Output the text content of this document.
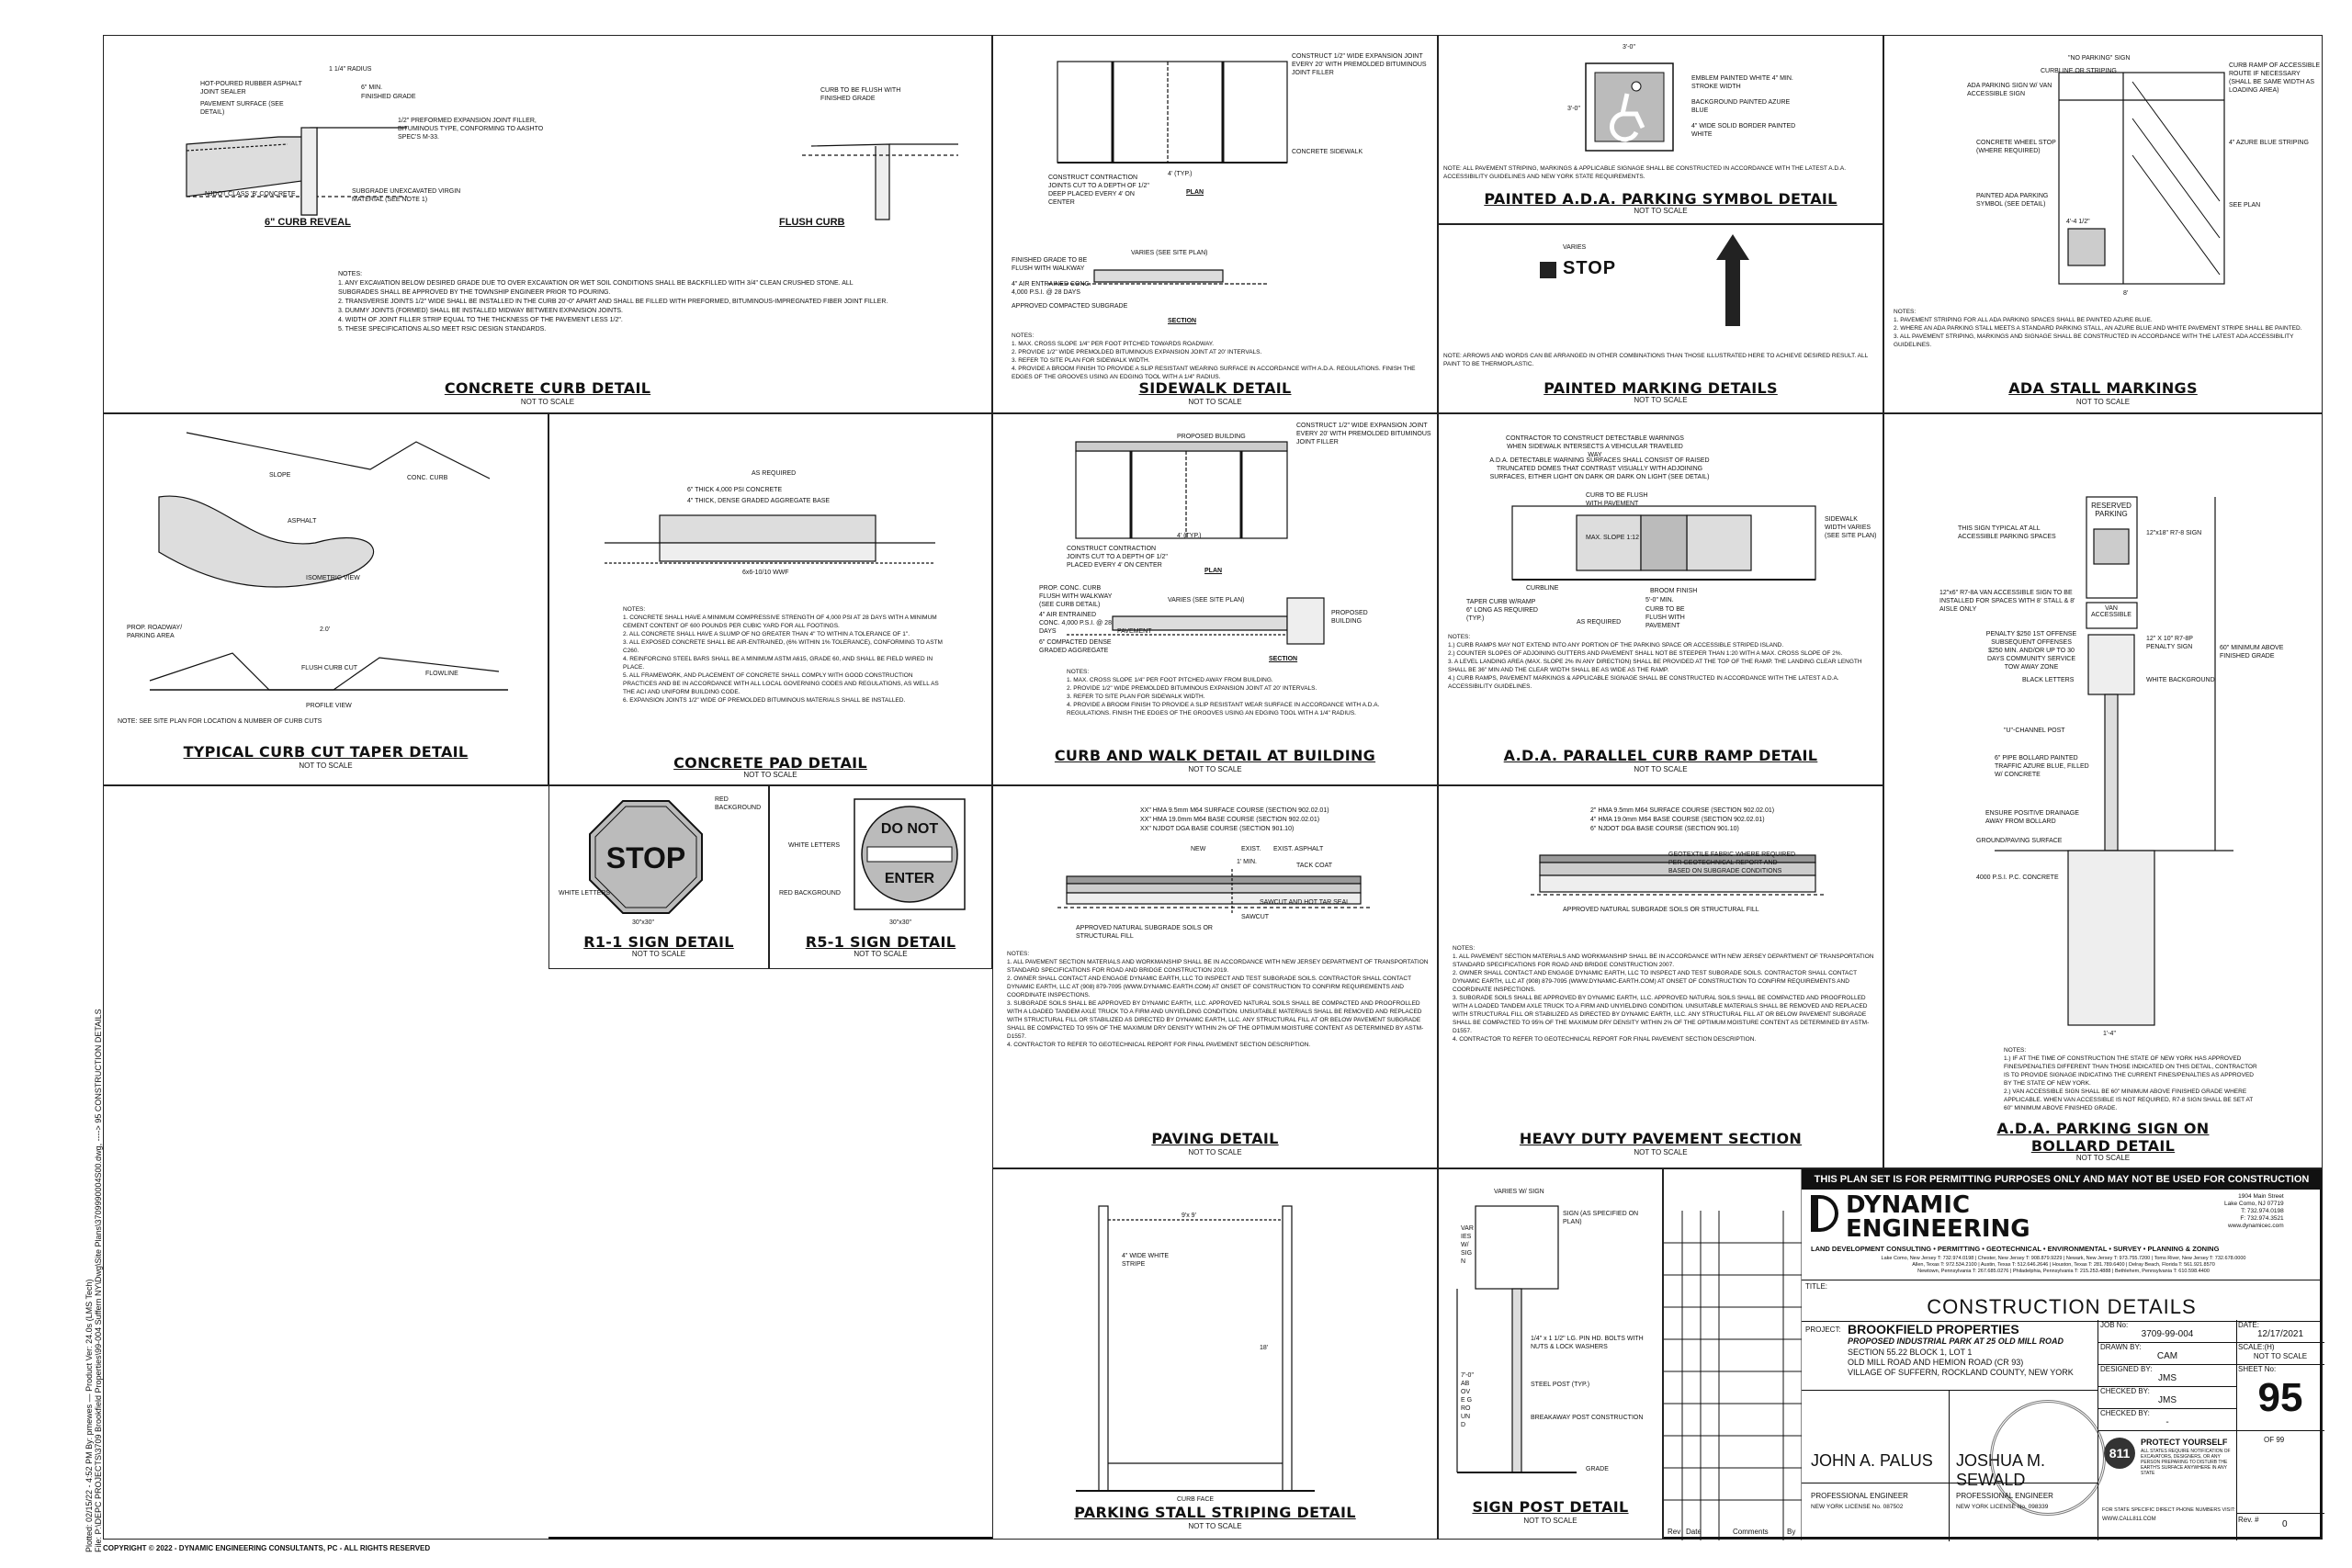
Plotted: 02/15/22 - 4:52 PM By: pmewes — Product Ver: 24.0s (LMS Tech) File: P:\DEPC PROJECTS\3709 Brookfield Properties\99-004 Suffern NY\Dwg\Site Plans\3709990004S00.dwg, ----> 95 CONSTRUCTION DETAILS COPYRIGHT © 2022 - DYNAMIC ENGINEERING CONSULTANTS, PC - ALL RIGHTS RESERVED
1 1/4" RADIUS
HOT-POURED RUBBER ASPHALT JOINT SEALER
PAVEMENT SURFACE (SEE DETAIL)
6" MIN.
FINISHED GRADE
1/2" PREFORMED EXPANSION JOINT FILLER, BITUMINOUS TYPE, CONFORMING TO AASHTO SPEC'S M-33.
NJDOT CLASS 'B' CONCRETE	SUBGRADE UNEXCAVATED VIRGIN MATERIAL (SEE NOTE 1)
CURB TO BE FLUSH WITH FINISHED GRADE
6" CURB REVEAL	FLUSH CURB
NOTES:
1. ANY EXCAVATION BELOW DESIRED GRADE DUE TO OVER EXCAVATION OR WET SOIL CONDITIONS SHALL BE BACKFILLED WITH 3/4" CLEAN CRUSHED STONE. ALL SUBGRADES SHALL BE APPROVED BY THE TOWNSHIP ENGINEER PRIOR TO POURING.
2. TRANSVERSE JOINTS 1/2" WIDE SHALL BE INSTALLED IN THE CURB 20'-0" APART AND SHALL BE FILLED WITH PREFORMED, BITUMINOUS-IMPREGNATED FIBER JOINT FILLER.
3. DUMMY JOINTS (FORMED) SHALL BE INSTALLED MIDWAY BETWEEN EXPANSION JOINTS.
4. WIDTH OF JOINT FILLER STRIP EQUAL TO THE THICKNESS OF THE PAVEMENT LESS 1/2".
5. THESE SPECIFICATIONS ALSO MEET RSIC DESIGN STANDARDS.
CONCRETE CURB DETAIL
NOT TO SCALE
CONSTRUCT 1/2" WIDE EXPANSION JOINT EVERY 20' WITH PREMOLDED BITUMINOUS JOINT FILLER
CONSTRUCT CONTRACTION JOINTS CUT TO A DEPTH OF 1/2" DEEP PLACED EVERY 4' ON CENTER
CONCRETE SIDEWALK
4' (TYP.)
PLAN
VARIES (SEE SITE PLAN)
FINISHED GRADE TO BE FLUSH WITH WALKWAY
4" AIR ENTRAINED CONC. 4,000 P.S.I. @ 28 DAYS
APPROVED COMPACTED SUBGRADE
SECTION
NOTES:
1. MAX. CROSS SLOPE 1/4" PER FOOT PITCHED TOWARDS ROADWAY.
2. PROVIDE 1/2" WIDE PREMOLDED BITUMINOUS EXPANSION JOINT AT 20' INTERVALS.
3. REFER TO SITE PLAN FOR SIDEWALK WIDTH.
4. PROVIDE A BROOM FINISH TO PROVIDE A SLIP RESISTANT WEARING SURFACE IN ACCORDANCE WITH A.D.A. REGULATIONS. FINISH THE EDGES OF THE GROOVES USING AN EDGING TOOL WITH A 1/4" RADIUS.
SIDEWALK DETAIL
NOT TO SCALE
3'-0"
3'-0"
EMBLEM PAINTED WHITE 4" MIN. STROKE WIDTH
BACKGROUND PAINTED AZURE BLUE
4" WIDE SOLID BORDER PAINTED WHITE
NOTE: ALL PAVEMENT STRIPING, MARKINGS & APPLICABLE SIGNAGE SHALL BE CONSTRUCTED IN ACCORDANCE WITH THE LATEST A.D.A. ACCESSIBILITY GUIDELINES AND NEW YORK STATE REQUIREMENTS.
PAINTED A.D.A. PARKING SYMBOL DETAIL
NOT TO SCALE
VARIES
STOP
NOTE: ARROWS AND WORDS CAN BE ARRANGED IN OTHER COMBINATIONS THAN THOSE ILLUSTRATED HERE TO ACHIEVE DESIRED RESULT. ALL PAINT TO BE THERMOPLASTIC.
PAINTED MARKING DETAILS
NOT TO SCALE
"NO PARKING" SIGN
CURBLINE OR STRIPING
ADA PARKING SIGN W/ VAN ACCESSIBLE SIGN
CURB RAMP OF ACCESSIBLE ROUTE IF NECESSARY (SHALL BE SAME WIDTH AS LOADING AREA)
CONCRETE WHEEL STOP (WHERE REQUIRED)
4" AZURE BLUE STRIPING
PAINTED ADA PARKING SYMBOL (SEE DETAIL)	SEE PLAN
4'-4 1/2"
8'
NOTES:
1. PAVEMENT STRIPING FOR ALL ADA PARKING SPACES SHALL BE PAINTED AZURE BLUE.
2. WHERE AN ADA PARKING STALL MEETS A STANDARD PARKING STALL, AN AZURE BLUE AND WHITE PAVEMENT STRIPE SHALL BE PAINTED.
3. ALL PAVEMENT STRIPING, MARKINGS AND SIGNAGE SHALL BE CONSTRUCTED IN ACCORDANCE WITH THE LATEST ADA ACCESSIBILITY GUIDELINES.
ADA STALL MARKINGS
NOT TO SCALE
SLOPE	CONC. CURB
ASPHALT
ISOMETRIC VIEW
PROP. ROADWAY/ PARKING AREA
2.0'
FLUSH CURB CUT
FLOWLINE
PROFILE VIEW
NOTE: SEE SITE PLAN FOR LOCATION & NUMBER OF CURB CUTS
TYPICAL CURB CUT TAPER DETAIL
NOT TO SCALE
AS REQUIRED
6" THICK 4,000 PSI CONCRETE
4" THICK, DENSE GRADED AGGREGATE BASE
6x6-10/10 WWF
NOTES:
1. CONCRETE SHALL HAVE A MINIMUM COMPRESSIVE STRENGTH OF 4,000 PSI AT 28 DAYS WITH A MINIMUM CEMENT CONTENT OF 600 POUNDS PER CUBIC YARD FOR ALL FOOTINGS.
2. ALL CONCRETE SHALL HAVE A SLUMP OF NO GREATER THAN 4" TO WITHIN A TOLERANCE OF 1".
3. ALL EXPOSED CONCRETE SHALL BE AIR-ENTRAINED, (6% WITHIN 1% TOLERANCE), CONFORMING TO ASTM C260.
4. REINFORCING STEEL BARS SHALL BE A MINIMUM ASTM A615, GRADE 60, AND SHALL BE FIELD WIRED IN PLACE.
5. ALL FRAMEWORK, AND PLACEMENT OF CONCRETE SHALL COMPLY WITH GOOD CONSTRUCTION PRACTICES AND BE IN ACCORDANCE WITH ALL LOCAL GOVERNING CODES AND REGULATIONS, AS WELL AS THE ACI AND UNIFORM BUILDING CODE.
6. EXPANSION JOINTS 1/2" WIDE OF PREMOLDED BITUMINOUS MATERIALS SHALL BE INSTALLED.
CONCRETE PAD DETAIL
NOT TO SCALE
CONSTRUCT 1/2" WIDE EXPANSION JOINT EVERY 20' WITH PREMOLDED BITUMINOUS JOINT FILLER
PROPOSED BUILDING
CONSTRUCT CONTRACTION JOINTS CUT TO A DEPTH OF 1/2" PLACED EVERY 4' ON CENTER
4' (TYP.)
PLAN
PROP. CONC. CURB FLUSH WITH WALKWAY (SEE CURB DETAIL)
VARIES (SEE SITE PLAN)
4" AIR ENTRAINED CONC. 4,000 P.S.I. @ 28 DAYS	PAVEMENT
6" COMPACTED DENSE GRADED AGGREGATE
PROPOSED BUILDING
SECTION
NOTES:
1. MAX. CROSS SLOPE 1/4" PER FOOT PITCHED AWAY FROM BUILDING.
2. PROVIDE 1/2" WIDE PREMOLDED BITUMINOUS EXPANSION JOINT AT 20' INTERVALS.
3. REFER TO SITE PLAN FOR SIDEWALK WIDTH.
4. PROVIDE A BROOM FINISH TO PROVIDE A SLIP RESISTANT WEAR SURFACE IN ACCORDANCE WITH A.D.A. REGULATIONS. FINISH THE EDGES OF THE GROOVES USING AN EDGING TOOL WITH A 1/4" RADIUS.
CURB AND WALK DETAIL AT BUILDING
NOT TO SCALE
CONTRACTOR TO CONSTRUCT DETECTABLE WARNINGS WHEN SIDEWALK INTERSECTS A VEHICULAR TRAVELED WAY
A.D.A. DETECTABLE WARNING SURFACES SHALL CONSIST OF RAISED TRUNCATED DOMES THAT CONTRAST VISUALLY WITH ADJOINING SURFACES, EITHER LIGHT ON DARK OR DARK ON LIGHT (SEE DETAIL)
CURB TO BE FLUSH WITH PAVEMENT
MAX. SLOPE 1:12
CURBLINE
TAPER CURB W/RAMP 6" LONG AS REQUIRED (TYP.)
BROOM FINISH
5'-0" MIN.
CURB TO BE FLUSH WITH PAVEMENT
AS REQUIRED
SIDEWALK WIDTH VARIES (SEE SITE PLAN)
NOTES:
1.) CURB RAMPS MAY NOT EXTEND INTO ANY PORTION OF THE PARKING SPACE OR ACCESSIBLE STRIPED ISLAND.
2.) COUNTER SLOPES OF ADJOINING GUTTERS AND PAVEMENT SHALL NOT BE STEEPER THAN 1:20 WITH A MAX. CROSS SLOPE OF 2%.
3. A LEVEL LANDING AREA (MAX. SLOPE 2% IN ANY DIRECTION) SHALL BE PROVIDED AT THE TOP OF THE RAMP. THE LANDING CLEAR LENGTH SHALL BE 36" MIN AND THE CLEAR WIDTH SHALL BE AS WIDE AS THE RAMP.
4.) CURB RAMPS, PAVEMENT MARKINGS & APPLICABLE SIGNAGE SHALL BE CONSTRUCTED IN ACCORDANCE WITH THE LATEST A.D.A. ACCESSIBILITY GUIDELINES.
A.D.A. PARALLEL CURB RAMP DETAIL
NOT TO SCALE
RESERVED PARKING
VAN ACCESSIBLE
THIS SIGN TYPICAL AT ALL ACCESSIBLE PARKING SPACES
12"x18" R7-8 SIGN
12"x6" R7-8A VAN ACCESSIBLE SIGN TO BE INSTALLED FOR SPACES WITH 8' STALL & 8' AISLE ONLY
PENALTY $250 1ST OFFENSE SUBSEQUENT OFFENSES $250 MIN. AND/OR UP TO 30 DAYS COMMUNITY SERVICE TOW AWAY ZONE
12" X 10" R7-8P PENALTY SIGN
BLACK LETTERS	WHITE BACKGROUND
"U"-CHANNEL POST
6" PIPE BOLLARD PAINTED TRAFFIC AZURE BLUE, FILLED W/ CONCRETE
ENSURE POSITIVE DRAINAGE AWAY FROM BOLLARD
GROUND/PAVING SURFACE
4000 P.S.I. P.C. CONCRETE
60" MINIMUM ABOVE FINISHED GRADE
1'-4"
NOTES:
1.) IF AT THE TIME OF CONSTRUCTION THE STATE OF NEW YORK HAS APPROVED FINES/PENALTIES DIFFERENT THAN THOSE INDICATED ON THIS DETAIL, CONTRACTOR IS TO PROVIDE SIGNAGE INDICATING THE CURRENT FINES/PENALTIES AS APPROVED BY THE STATE OF NEW YORK.
2.) VAN ACCESSIBLE SIGN SHALL BE 60" MINIMUM ABOVE FINISHED GRADE WHERE APPLICABLE. WHEN VAN ACCESSIBLE IS NOT REQUIRED, R7-8 SIGN SHALL BE SET AT 60" MINIMUM ABOVE FINISHED GRADE.
A.D.A. PARKING SIGN ON BOLLARD DETAIL
NOT TO SCALE
STOP
RED BACKGROUND
WHITE LETTERS
30"x30"
R1-1 SIGN DETAIL
NOT TO SCALE
DO NOT
ENTER
WHITE LETTERS
RED BACKGROUND
30"x30"
R5-1 SIGN DETAIL
NOT TO SCALE
XX" HMA 9.5mm M64 SURFACE COURSE (SECTION 902.02.01)
XX" HMA 19.0mm M64 BASE COURSE (SECTION 902.02.01)
XX" NJDOT DGA BASE COURSE (SECTION 901.10)
NEW	EXIST. EXIST. ASPHALT
1' MIN.
TACK COAT
SAWCUT
SAWCUT AND HOT TAR SEAL
APPROVED NATURAL SUBGRADE SOILS OR STRUCTURAL FILL
NOTES:
1. ALL PAVEMENT SECTION MATERIALS AND WORKMANSHIP SHALL BE IN ACCORDANCE WITH NEW JERSEY DEPARTMENT OF TRANSPORTATION STANDARD SPECIFICATIONS FOR ROAD AND BRIDGE CONSTRUCTION 2019.
2. OWNER SHALL CONTACT AND ENGAGE DYNAMIC EARTH, LLC TO INSPECT AND TEST SUBGRADE SOILS. CONTRACTOR SHALL CONTACT DYNAMIC EARTH, LLC AT (908) 879-7095 (WWW.DYNAMIC-EARTH.COM) AT ONSET OF CONSTRUCTION TO CONFIRM REQUIREMENTS AND COORDINATE INSPECTIONS.
3. SUBGRADE SOILS SHALL BE APPROVED BY DYNAMIC EARTH, LLC. APPROVED NATURAL SOILS SHALL BE COMPACTED AND PROOFROLLED WITH A LOADED TANDEM AXLE TRUCK TO A FIRM AND UNYIELDING CONDITION. UNSUITABLE MATERIALS SHALL BE REMOVED AND REPLACED WITH STRUCTURAL FILL OR STABILIZED AS DIRECTED BY DYNAMIC EARTH, LLC. ANY STRUCTURAL FILL AT OR BELOW PAVEMENT SUBGRADE SHALL BE COMPACTED TO 95% OF THE MAXIMUM DRY DENSITY WITHIN 2% OF THE OPTIMUM MOISTURE CONTENT AS DETERMINED BY ASTM-D1557.
4. CONTRACTOR TO REFER TO GEOTECHNICAL REPORT FOR FINAL PAVEMENT SECTION DESCRIPTION.
PAVING DETAIL
NOT TO SCALE
2" HMA 9.5mm M64 SURFACE COURSE (SECTION 902.02.01)
4" HMA 19.0mm M64 BASE COURSE (SECTION 902.02.01)
6" NJDOT DGA BASE COURSE (SECTION 901.10)
GEOTEXTILE FABRIC WHERE REQUIRED PER GEOTECHNICAL REPORT AND BASED ON SUBGRADE CONDITIONS
APPROVED NATURAL SUBGRADE SOILS OR STRUCTURAL FILL
NOTES:
1. ALL PAVEMENT SECTION MATERIALS AND WORKMANSHIP SHALL BE IN ACCORDANCE WITH NEW JERSEY DEPARTMENT OF TRANSPORTATION STANDARD SPECIFICATIONS FOR ROAD AND BRIDGE CONSTRUCTION 2007.
2. OWNER SHALL CONTACT AND ENGAGE DYNAMIC EARTH, LLC TO INSPECT AND TEST SUBGRADE SOILS. CONTRACTOR SHALL CONTACT DYNAMIC EARTH, LLC AT (908) 879-7095 (WWW.DYNAMIC-EARTH.COM) AT ONSET OF CONSTRUCTION TO CONFIRM REQUIREMENTS AND COORDINATE INSPECTIONS.
3. SUBGRADE SOILS SHALL BE APPROVED BY DYNAMIC EARTH, LLC. APPROVED NATURAL SOILS SHALL BE COMPACTED AND PROOFROLLED WITH A LOADED TANDEM AXLE TRUCK TO A FIRM AND UNYIELDING CONDITION. UNSUITABLE MATERIALS SHALL BE REMOVED AND REPLACED WITH STRUCTURAL FILL OR STABILIZED AS DIRECTED BY DYNAMIC EARTH, LLC. ANY STRUCTURAL FILL AT OR BELOW PAVEMENT SUBGRADE SHALL BE COMPACTED TO 95% OF THE MAXIMUM DRY DENSITY WITHIN 2% OF THE OPTIMUM MOISTURE CONTENT AS DETERMINED BY ASTM-D1557.
4. CONTRACTOR TO REFER TO GEOTECHNICAL REPORT FOR FINAL PAVEMENT SECTION DESCRIPTION.
HEAVY DUTY PAVEMENT SECTION
NOT TO SCALE
9'x 9'
4" WIDE WHITE STRIPE
18'
CURB FACE
PARKING STALL STRIPING DETAIL
NOT TO SCALE
VARIES W/ SIGN
SIGN (AS SPECIFIED ON PLAN)
1/4" x 1 1/2" LG. PIN HD. BOLTS WITH NUTS & LOCK WASHERS
STEEL POST (TYP.)
BREAKAWAY POST CONSTRUCTION
GRADE
VARIES W/ SIGN
7'-0" ABOVE GROUND
SIGN POST DETAIL
NOT TO SCALE
Rev Date	Comments	By
THIS PLAN SET IS FOR PERMITTING PURPOSES ONLY AND MAY NOT BE USED FOR CONSTRUCTION
DYNAMIC
ENGINEERING
1904 Main Street
Lake Como, NJ 07719
T: 732.974.0198
F: 732.974.3521
www.dynamicec.com
LAND DEVELOPMENT CONSULTING • PERMITTING • GEOTECHNICAL • ENVIRONMENTAL • SURVEY • PLANNING & ZONING
Lake Como, New Jersey T: 732.974.0198 | Chester, New Jersey T: 908.879.9229 | Newark, New Jersey T: 973.755.7200 | Toms River, New Jersey T: 732.678.0000
Allen, Texas T: 972.534.2100 | Austin, Texas T: 512.646.2646 | Houston, Texas T: 281.789.6400 | Delray Beach, Florida T: 561.921.8570
Newtown, Pennsylvania T: 267.685.0276 | Philadelphia, Pennsylvania T: 215.253.4888 | Bethlehem, Pennsylvania T: 610.598.4400
TITLE:
CONSTRUCTION DETAILS
PROJECT: BROOKFIELD PROPERTIES
PROPOSED INDUSTRIAL PARK AT 25 OLD MILL ROAD
SECTION 55.22 BLOCK 1, LOT 1
OLD MILL ROAD AND HEMION ROAD (CR 93)
VILLAGE OF SUFFERN, ROCKLAND COUNTY, NEW YORK
JOB No:
3709-99-004
DATE:
12/17/2021
DRAWN BY:
CAM
SCALE:(H)
NOT TO SCALE
DESIGNED BY:
JMS
SHEET No:
95
CHECKED BY:
JMS
CHECKED BY:
-
OF 99
811
PROTECT YOURSELF
ALL STATES REQUIRE NOTIFICATION OF EXCAVATORS, DESIGNERS, OR ANY PERSON PREPARING TO DISTURB THE EARTH'S SURFACE ANYWHERE IN ANY STATE
FOR STATE SPECIFIC DIRECT PHONE NUMBERS VISIT:
WWW.CALL811.COM	Rev. #	0
JOHN A. PALUS JOSHUA M. SEWALD
PROFESSIONAL ENGINEER
NEW YORK LICENSE No. 087502
PROFESSIONAL ENGINEER
NEW YORK LICENSE No. 098339
